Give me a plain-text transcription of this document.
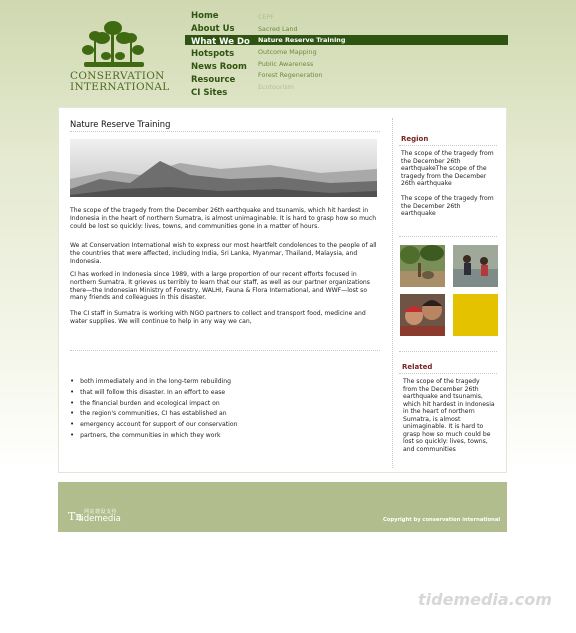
CONSERVATION
INTERNATIONAL
Home
About Us
What We Do
Hotspots
News Room
Resource
CI Sites
CEPF
Sacred Land
Nature Reserve Training
Outcome Mapping
Public Awareness
Forest Regeneration
Ecotourism
Nature Reserve Training

The scope of the tragedy from the December 26th earthquake and tsunamis, which hit hardest in Indonesia in the heart of northern Sumatra, is almost unimaginable. It is hard to grasp how so much could be lost so quickly: lives, towns, and communities gone in a matter of hours.

We at Conservation International wish to express our most heartfelt condolences to the people of all the countries that were affected, including India, Sri Lanka, Myanmar, Thailand, Malaysia, and Indonesia.

CI has worked in Indonesia since 1989, with a large proportion of our recent efforts focused in northern Sumatra. It grieves us terribly to learn that our staff, as well as our partner organizations there—the Indonesian Ministry of Forestry, WALHI, Fauna & Flora International, and WWF—lost so many friends and colleagues in this disaster.

The CI staff in Sumatra is working with NGO partners to collect and transport food, medicine and water supplies. We will continue to help in any way we can,

• both immediately and in the long-term rebuilding
• that will follow this disaster. In an effort to ease
• the financial burden and ecological impact on
• the region's communities, CI has established an
• emergency account for support of our conservation
• partners, the communities in which they work
Region

The scope of the tragedy from the December 26th earthquakeThe scope of the tragedy from the December 26th earthquake

The scope of the tragedy from the December 26th earthquake

Related

The scope of the tragedy from the December 26th earthquake and tsunamis, which hit hardest in Indonesia in the heart of northern Sumatra, is almost unimaginable. It is hard to grasp how so much could be lost so quickly: lives, towns, and communities

Tn 网站建设支持
tidemedia	Copyright by conservation international
tidemedia.com
